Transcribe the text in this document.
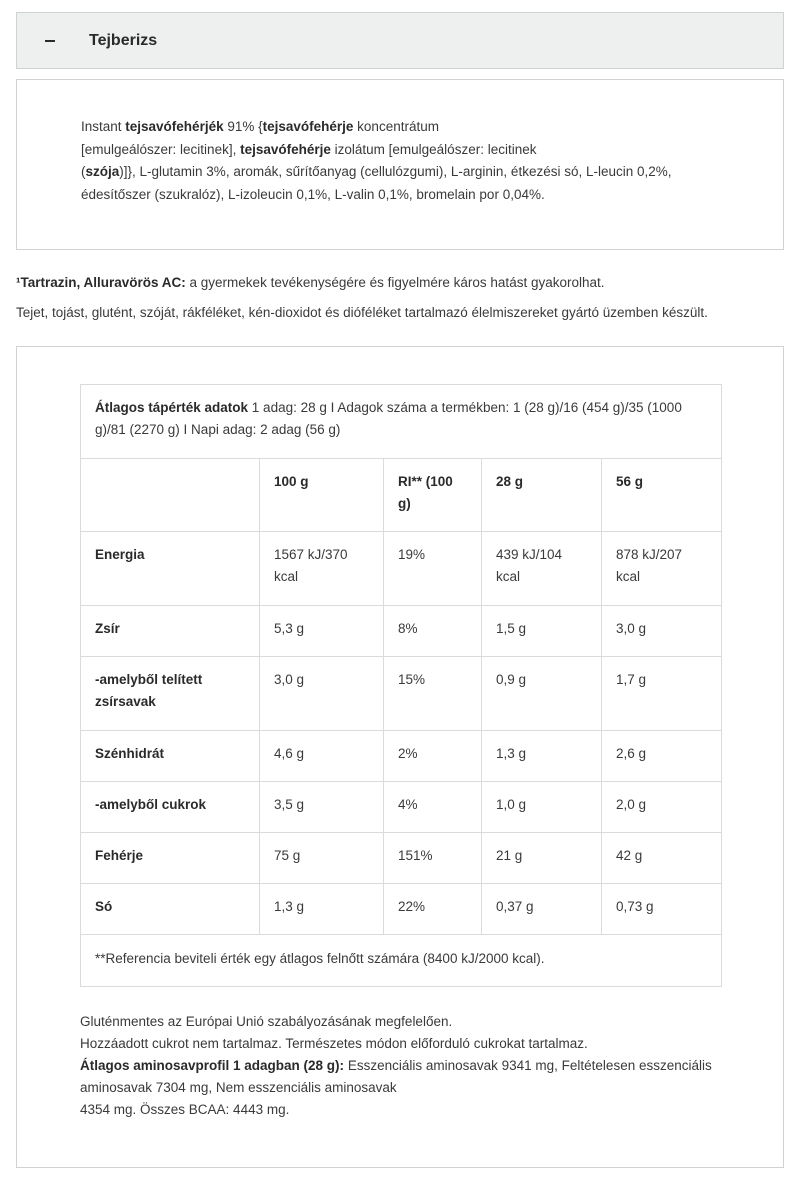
Tejberizs
Instant tejsavófehérjék 91% {tejsavófehérje koncentrátum
[emulgeálószer: lecitinek], tejsavófehérje izolátum [emulgeálószer: lecitinek
(szója)]}, L-glutamin 3%, aromák, sűrítőanyag (cellulózgumi), L-arginin, étkezési só, L-leucin 0,2%,
édesítőszer (szukralóz), L-izoleucin 0,1%, L-valin 0,1%, bromelain por 0,04%.
¹Tartrazin, Alluravörös AC: a gyermekek tevékenységére és figyelmére káros hatást gyakorolhat.
Tejet, tojást, glutént, szóját, rákféléket, kén-dioxidot és dióféléket tartalmazó élelmiszereket gyártó üzemben készült.
Átlagos tápérték adatok 1 adag: 28 g I Adagok száma a termékben: 1 (28 g)/16 (454 g)/35 (1000 g)/81 (2270 g) I Napi adag: 2 adag (56 g)				
	100 g	RI** (100 g)	28 g	56 g
Energia	1567 kJ/370 kcal	19%	439 kJ/104 kcal	878 kJ/207 kcal
Zsír	5,3 g	8%	1,5 g	3,0 g
-amelyből telített zsírsavak	3,0 g	15%	0,9 g	1,7 g
Szénhidrát	4,6 g	2%	1,3 g	2,6 g
-amelyből cukrok	3,5 g	4%	1,0 g	2,0 g
Fehérje	75 g	151%	21 g	42 g
Só	1,3 g	22%	0,37 g	0,73 g
**Referencia beviteli érték egy átlagos felnőtt számára (8400 kJ/2000 kcal).				
Gluténmentes az Európai Unió szabályozásának megfelelően.
Hozzáadott cukrot nem tartalmaz. Természetes módon előforduló cukrokat tartalmaz.
Átlagos aminosavprofil 1 adagban (28 g): Esszenciális aminosavak 9341 mg, Feltételesen esszenciális
aminosavak 7304 mg, Nem esszenciális aminosavak
4354 mg. Összes BCAA: 4443 mg.
